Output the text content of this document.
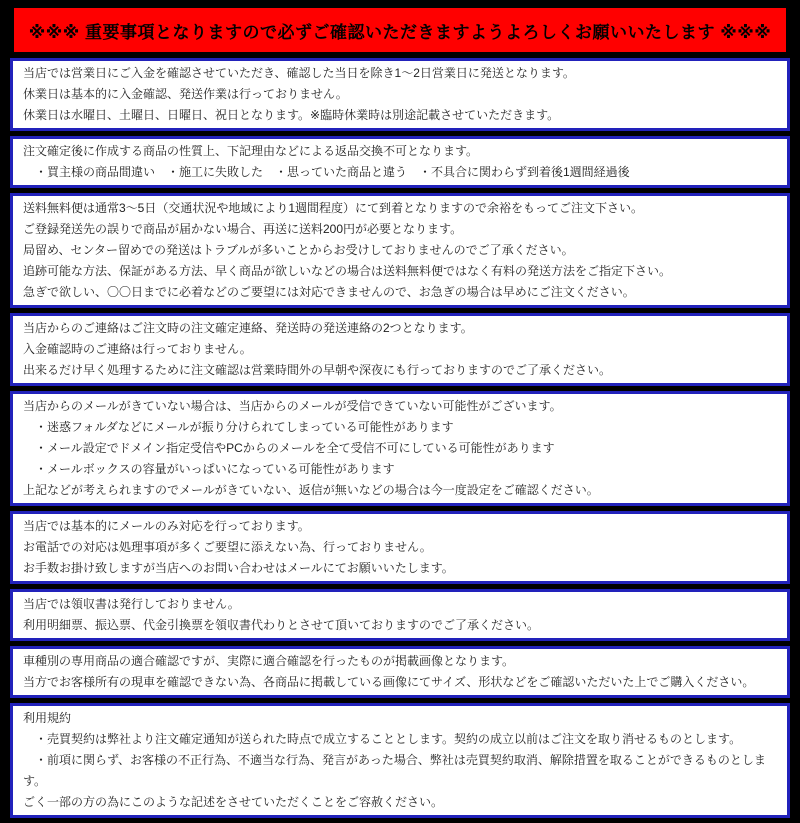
※※※ 重要事項となりますので必ずご確認いただきますようよろしくお願いいたします ※※※
当店では営業日にご入金を確認させていただき、確認した当日を除き1〜2日営業日に発送となります。
休業日は基本的に入金確認、発送作業は行っておりません。
休業日は水曜日、土曜日、日曜日、祝日となります。※臨時休業時は別途記載させていただきます。
注文確定後に作成する商品の性質上、下記理由などによる返品交換不可となります。
　・買主様の商品間違い　・施工に失敗した　・思っていた商品と違う　・不具合に関わらず到着後1週間経過後
送料無料便は通常3〜5日（交通状況や地域により1週間程度）にて到着となりますので余裕をもってご注文下さい。
ご登録発送先の誤りで商品が届かない場合、再送に送料200円が必要となります。
局留め、センター留めでの発送はトラブルが多いことからお受けしておりませんのでご了承ください。
追跡可能な方法、保証がある方法、早く商品が欲しいなどの場合は送料無料便ではなく有料の発送方法をご指定下さい。
急ぎで欲しい、〇〇日までに必着などのご要望には対応できませんので、お急ぎの場合は早めにご注文ください。
当店からのご連絡はご注文時の注文確定連絡、発送時の発送連絡の2つとなります。
入金確認時のご連絡は行っておりません。
出来るだけ早く処理するために注文確認は営業時間外の早朝や深夜にも行っておりますのでご了承ください。
当店からのメールがきていない場合は、当店からのメールが受信できていない可能性がございます。
　・迷惑フォルダなどにメールが振り分けられてしまっている可能性があります
　・メール設定でドメイン指定受信やPCからのメールを全て受信不可にしている可能性があります
　・メールボックスの容量がいっぱいになっている可能性があります
上記などが考えられますのでメールがきていない、返信が無いなどの場合は今一度設定をご確認ください。
当店では基本的にメールのみ対応を行っております。
お電話での対応は処理事項が多くご要望に添えない為、行っておりません。
お手数お掛け致しますが当店へのお問い合わせはメールにてお願いいたします。
当店では領収書は発行しておりません。
利用明細票、振込票、代金引換票を領収書代わりとさせて頂いておりますのでご了承ください。
車種別の専用商品の適合確認ですが、実際に適合確認を行ったものが掲載画像となります。
当方でお客様所有の現車を確認できない為、各商品に掲載している画像にてサイズ、形状などをご確認いただいた上でご購入ください。
利用規約
　・売買契約は弊社より注文確定通知が送られた時点で成立することとします。契約の成立以前はご注文を取り消せるものとします。
　・前項に関らず、お客様の不正行為、不適当な行為、発言があった場合、弊社は売買契約取消、解除措置を取ることができるものとします。
ごく一部の方の為にこのような記述をさせていただくことをご容赦ください。
